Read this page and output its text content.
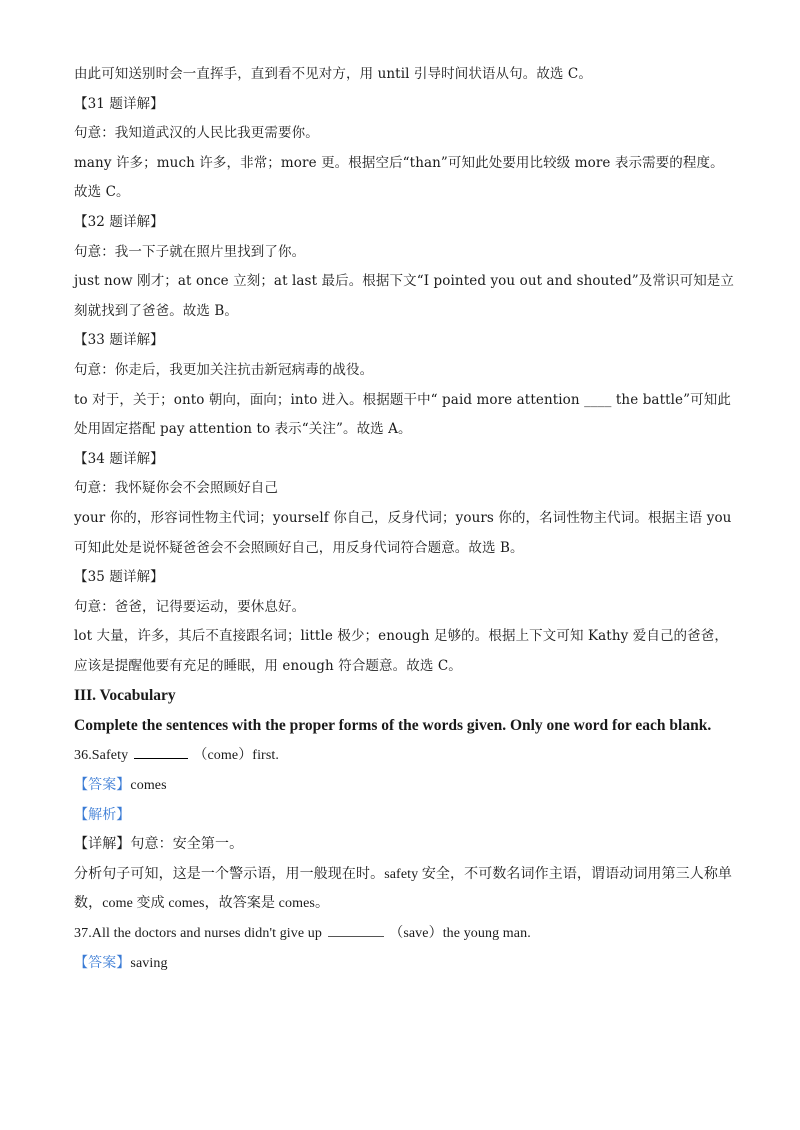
由此可知送别时会一直挥手，直到看不见对方，用 until 引导时间状语从句。故选 C。
【31 题详解】
句意：我知道武汉的人民比我更需要你。
many 许多；much 许多，非常；more 更。根据空后“than”可知此处要用比较级 more 表示需要的程度。故选 C。
【32 题详解】
句意：我一下子就在照片里找到了你。
just now 刚才；at once 立刻；at last 最后。根据下文“I pointed you out and shouted”及常识可知是立刻就找到了爸爸。故选 B。
【33 题详解】
句意：你走后，我更加关注抗击新冠病毒的战役。
to 对于，关于；onto 朝向，面向；into 进入。根据题干中“ paid more attention ____ the battle”可知此处用固定搭配 pay attention to 表示“关注”。故选 A。
【34 题详解】
句意：我怀疑你会不会照顾好自己
your 你的，形容词性物主代词；yourself 你自己，反身代词；yours 你的，名词性物主代词。根据主语 you 可知此处是说怀疑爸爸会不会照顾好自己，用反身代词符合题意。故选 B。
【35 题详解】
句意：爸爸，记得要运动，要休息好。
lot 大量，许多，其后不直接跟名词；little 极少；enough 足够的。根据上下文可知 Kathy 爱自己的爸爸，应该是提醒他要有充足的睡眠，用 enough 符合题意。故选 C。
III. Vocabulary
Complete the sentences with the proper forms of the words given. Only one word for each blank.
36.Safety	（come）first.
【答案】comes
【解析】
【详解】句意：安全第一。
分析句子可知，这是一个警示语，用一般现在时。safety 安全，不可数名词作主语，谓语动词用第三人称单数，come 变成 comes，故答案是 comes。
37.All the doctors and nurses didn't give up	（save）the young man.
【答案】saving
